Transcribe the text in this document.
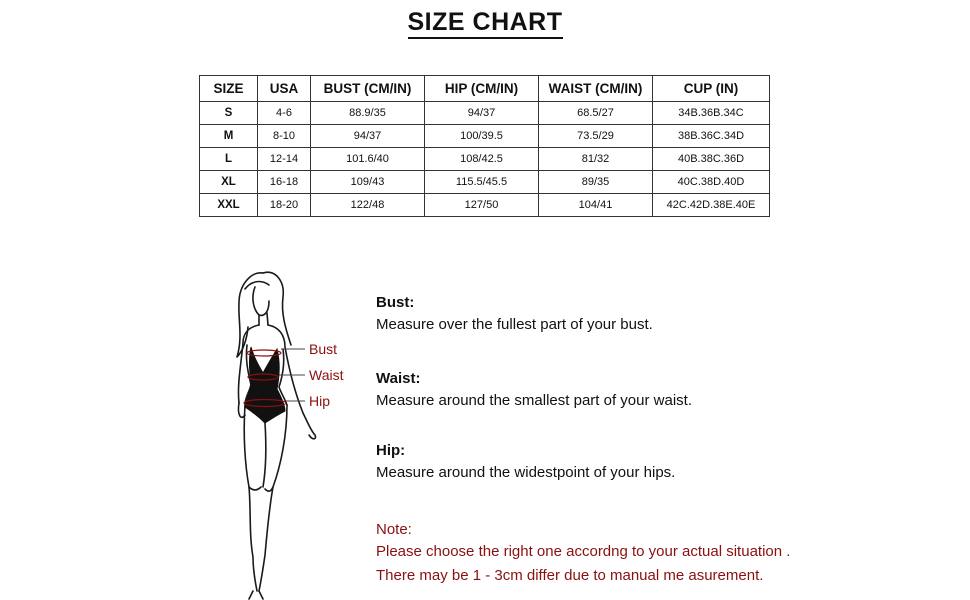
SIZE CHART
SIZE	USA	BUST (CM/IN)	HIP (CM/IN)	WAIST (CM/IN)	CUP (IN)
S	4-6	88.9/35	94/37	68.5/27	34B.36B.34C
M	8-10	94/37	100/39.5	73.5/29	38B.36C.34D
L	12-14	101.6/40	108/42.5	81/32	40B.38C.36D
XL	16-18	109/43	115.5/45.5	89/35	40C.38D.40D
XXL	18-20	122/48	127/50	104/41	42C.42D.38E.40E
Bust
Waist
Hip
Bust:
Measure over the fullest part of your bust.
Waist:
Measure around the smallest part of your waist.
Hip:
Measure around the widestpoint of your hips.
Note:
Please choose the right one accordng to your actual situation .
There may be 1 - 3cm differ due to manual me asurement.
